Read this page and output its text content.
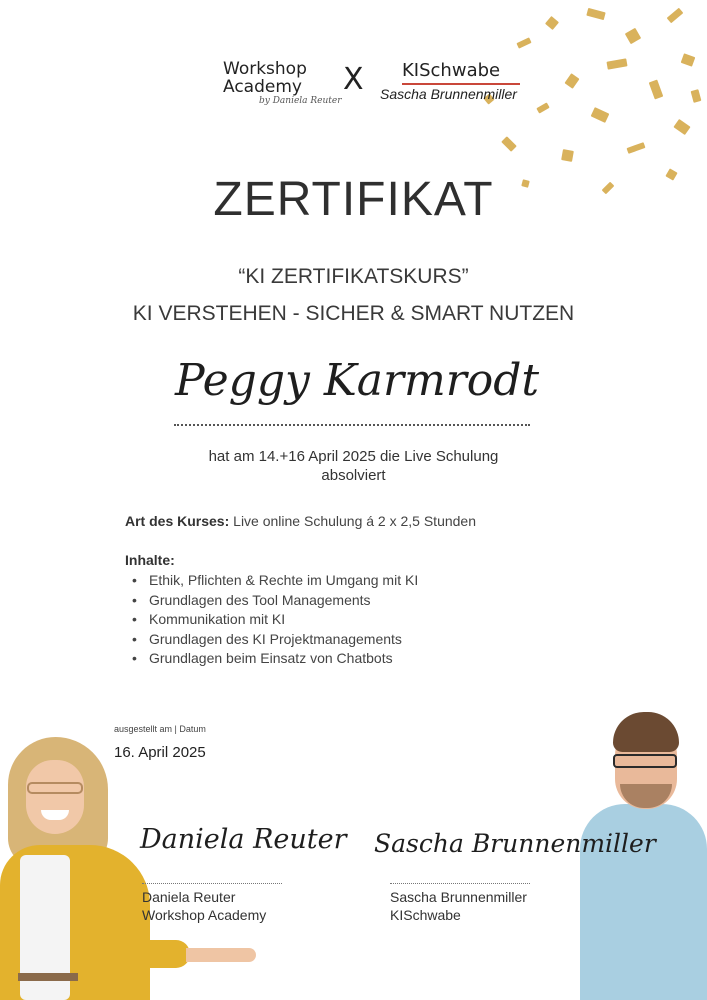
Workshop
Academy
by Daniela Reuter
X KISchwabe
Sascha Brunnenmiller
ZERTIFIKAT
“KI ZERTIFIKATSKURS”
KI VERSTEHEN - SICHER & SMART NUTZEN
Peggy Karmrodt
hat am 14.+16 April 2025 die Live Schulung
absolviert
Art des Kurses: Live online Schulung á 2 x 2,5 Stunden
Inhalte:
• Ethik, Pflichten & Rechte im Umgang mit KI
• Grundlagen des Tool Managements
• Kommunikation mit KI
• Grundlagen des KI Projektmanagements
• Grundlagen beim Einsatz von Chatbots
ausgestellt am | Datum
16. April 2025
Daniela Reuter Sascha Brunnenmiller
Daniela Reuter
Workshop Academy
Sascha Brunnenmiller
KISchwabe
